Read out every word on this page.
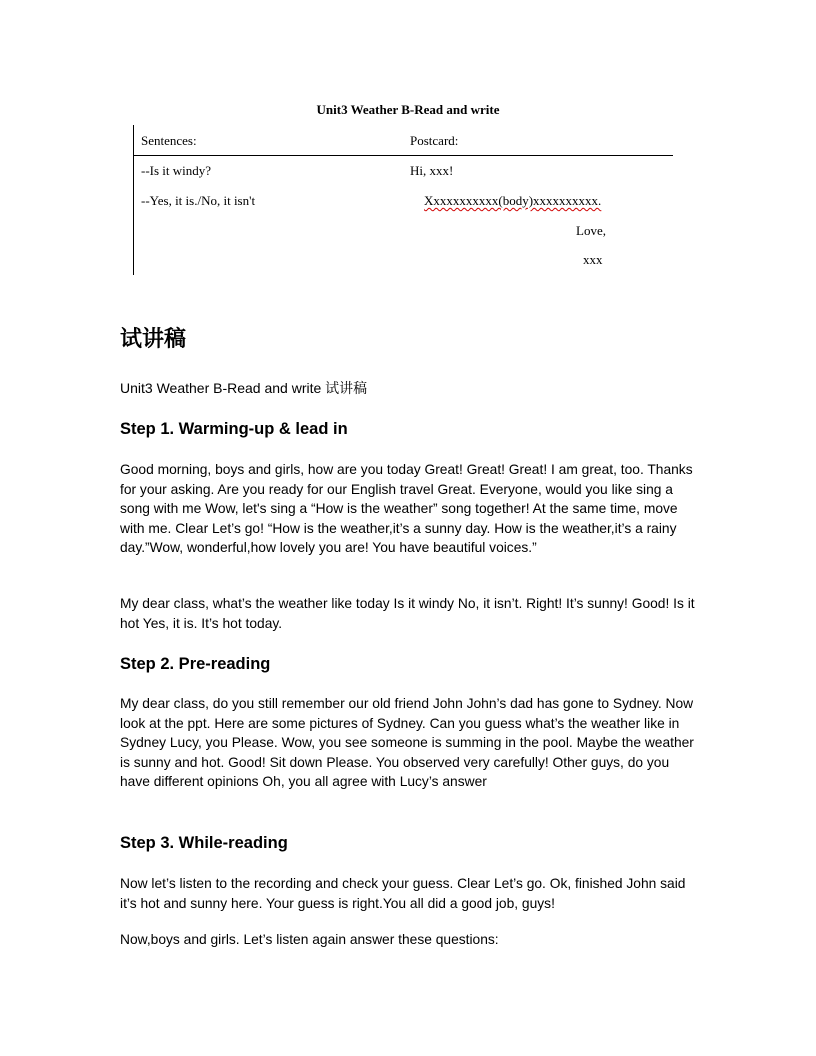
Unit3 Weather B-Read and write
Sentences:	Postcard:
--Is it windy?
--Yes, it is./No, it isn't
Hi, xxx!
Xxxxxxxxxxx(body)xxxxxxxxxx.
Love,
xxx
试讲稿
Unit3 Weather B-Read and write 试讲稿
Step 1. Warming-up & lead in

Good morning, boys and girls, how are you today Great! Great! Great! I am great, too. Thanks for your asking. Are you ready for our English travel Great. Everyone, would you like sing a song with me Wow, let's sing a “How is the weather” song together! At the same time, move with me. Clear Let’s go! “How is the weather,it’s a sunny day. How is the weather,it’s a rainy day.”Wow, wonderful,how lovely you are! You have beautiful voices.”

My dear class, what’s the weather like today Is it windy No, it isn’t. Right! It’s sunny! Good! Is it hot Yes, it is. It’s hot today.

Step 2. Pre-reading

My dear class, do you still remember our old friend John John’s dad has gone to Sydney. Now look at the ppt. Here are some pictures of Sydney. Can you guess what’s the weather like in Sydney Lucy, you Please. Wow, you see someone is summing in the pool. Maybe the weather is sunny and hot. Good! Sit down Please. You observed very carefully! Other guys, do you have different opinions Oh, you all agree with Lucy’s answer

Step 3. While-reading

Now let’s listen to the recording and check your guess. Clear Let’s go. Ok, finished John said it’s hot and sunny here. Your guess is right.You all did a good job, guys!

Now,boys and girls. Let’s listen again answer these questions:
